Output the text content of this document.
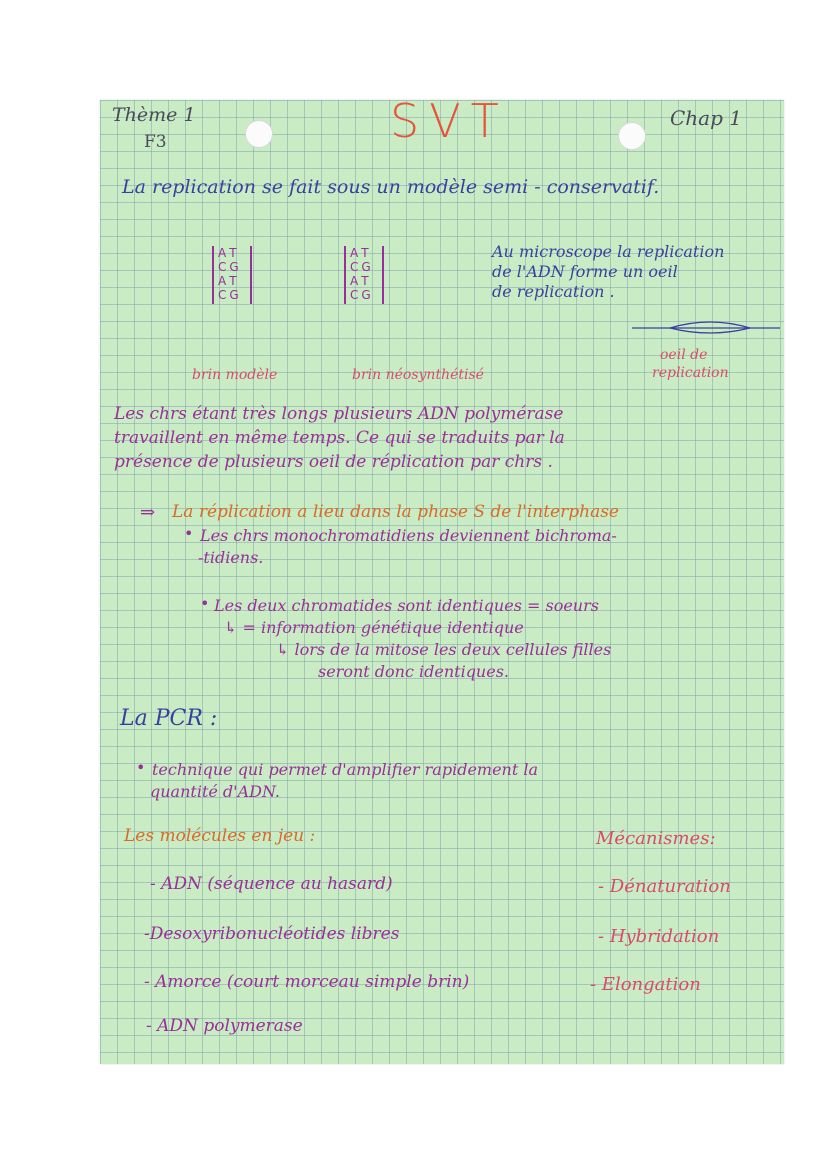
Thème 1
F3	SVT	Chap 1
La replication se fait sous un modèle semi - conservatif.
A T
C G
A T
C G
A T
C G
A T
C G
brin modèle	brin néosynthétisé
Au microscope la replication
de l'ADN forme un oeil
de replication .
oeil de
replication
Les chrs étant très longs plusieurs ADN polymérase
travaillent en même temps. Ce qui se traduits par la
présence de plusieurs oeil de réplication par chrs .
⇒ La réplication a lieu dans la phase S de l'interphase
• Les chrs monochromatidiens deviennent bichroma-
-tidiens.
• Les deux chromatides sont identiques = soeurs
↳ = information génétique identique
↳ lors de la mitose les deux cellules filles
seront donc identiques.
La PCR :
• technique qui permet d'amplifier rapidement la
quantité d'ADN.
Les molécules en jeu :
- ADN (séquence au hasard)
-Desoxyribonucléotides libres
- Amorce (court morceau simple brin)
- ADN polymerase
Mécanismes:
- Dénaturation
- Hybridation
- Elongation
